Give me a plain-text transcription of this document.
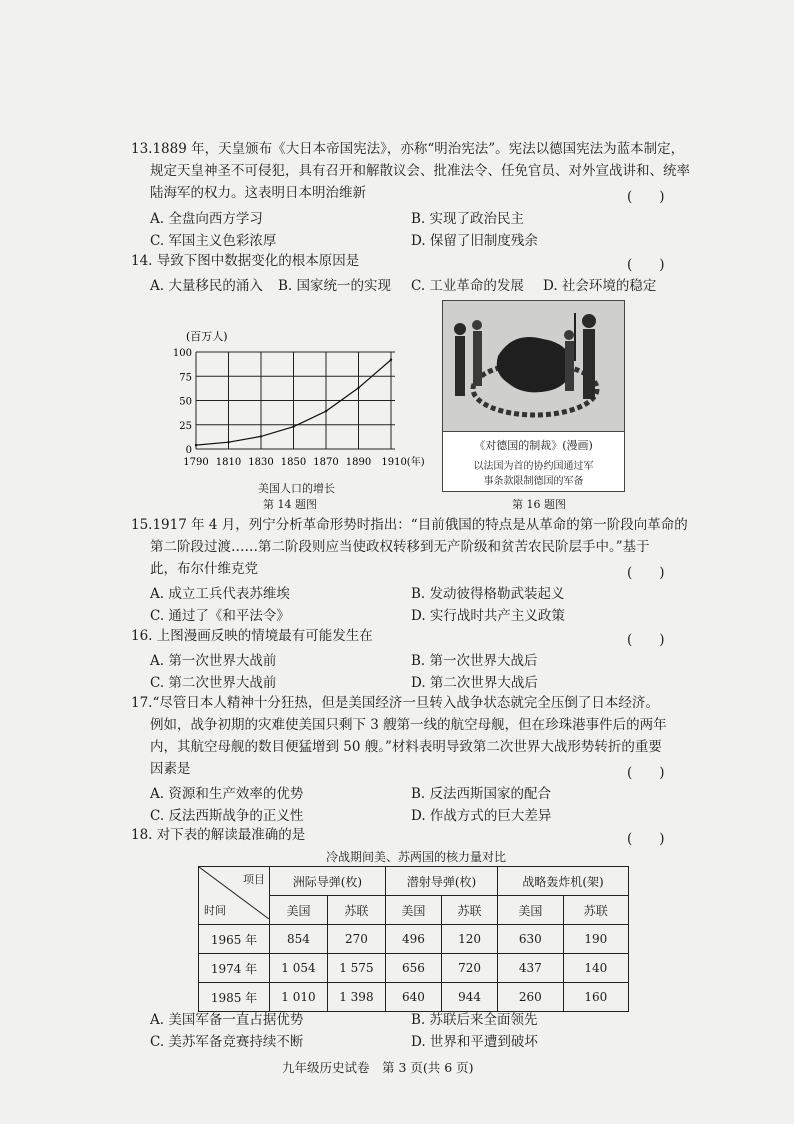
13.1889 年，天皇颁布《大日本帝国宪法》，亦称“明治宪法”。宪法以德国宪法为蓝本制定，
规定天皇神圣不可侵犯，具有召开和解散议会、批准法令、任免官员、对外宣战讲和、统率
陆海军的权力。这表明日本明治维新	(　　)
A. 全盘向西方学习	B. 实现了政治民主
C. 军国主义色彩浓厚	D. 保留了旧制度残余
14. 导致下图中数据变化的根本原因是	(　　)
A. 大量移民的涌入 B. 国家统一的实现 C. 工业革命的发展 D. 社会环境的稳定
(百万人)
100
75
50
25
0
1790 1810 1830 1850 1870 1890 1910(年)
美国人口的增长
第 14 题图
《对德国的制裁》(漫画)
以法国为首的协约国通过军
事条款限制德国的军备
第 16 题图
15.1917 年 4 月，列宁分析革命形势时指出：“目前俄国的特点是从革命的第一阶段向革命的
第二阶段过渡……第二阶段则应当使政权转移到无产阶级和贫苦农民阶层手中。”基于
此，布尔什维克党	(　　)
A. 成立工兵代表苏维埃	B. 发动彼得格勒武装起义
C. 通过了《和平法令》	D. 实行战时共产主义政策
16. 上图漫画反映的情境最有可能发生在	(　　)
A. 第一次世界大战前	B. 第一次世界大战后
C. 第二次世界大战前	D. 第二次世界大战后
17.“尽管日本人精神十分狂热，但是美国经济一旦转入战争状态就完全压倒了日本经济。
例如，战争初期的灾难使美国只剩下 3 艘第一线的航空母舰，但在珍珠港事件后的两年
内，其航空母舰的数目便猛增到 50 艘。”材料表明导致第二次世界大战形势转折的重要
因素是	(　　)
A. 资源和生产效率的优势	B. 反法西斯国家的配合
C. 反法西斯战争的正义性	D. 作战方式的巨大差异
18. 对下表的解读最准确的是	(　　)
冷战期间美、苏两国的核力量对比
项目
时间	洲际导弹(枚)		潜射导弹(枚)		战略轰炸机(架)	
	美国	苏联	美国	苏联	美国	苏联
1965 年	854	270	496	120	630	190
1974 年	1 054	1 575	656	720	437	140
1985 年	1 010	1 398	640	944	260	160
A. 美国军备一直占据优势	B. 苏联后来全面领先
C. 美苏军备竞赛持续不断	D. 世界和平遭到破坏
九年级历史试卷　第 3 页(共 6 页)
